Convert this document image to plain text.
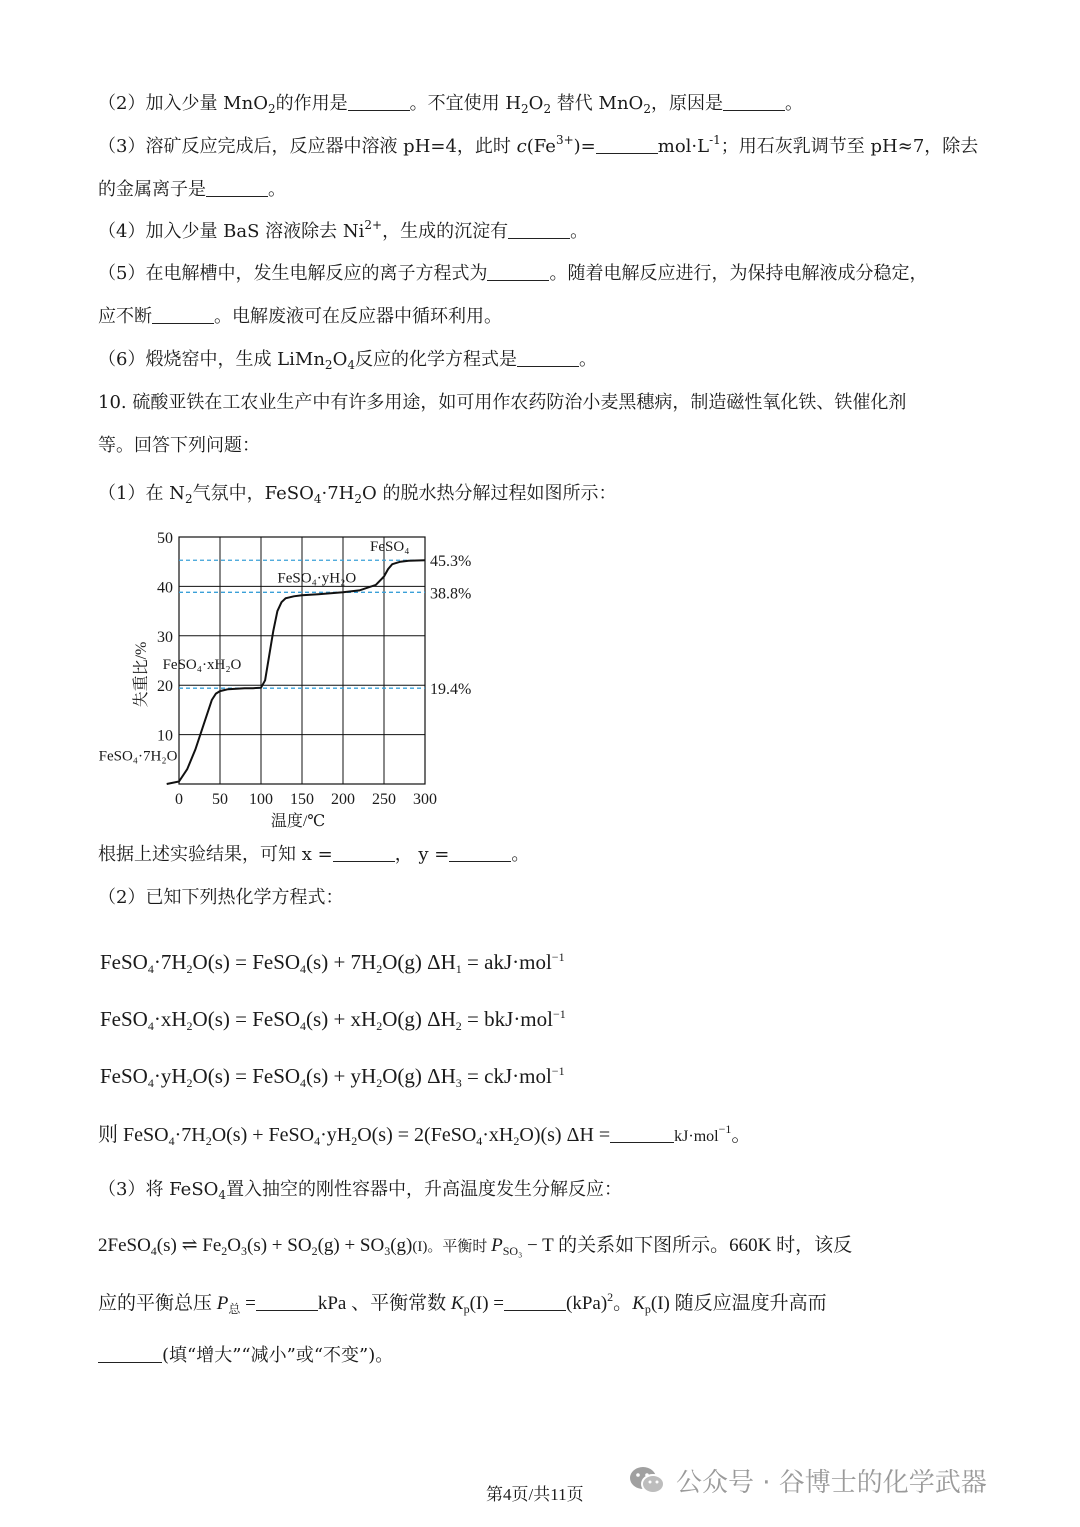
（2）加入少量 MnO$_2$的作用是	。不宜使用 $H_2O_2$ 替代 MnO$_2$，原因是	。
（3）溶矿反应完成后，反应器中溶液 pH=4，此时 $c(Fe^{3+})=$	$mol\cdot L^{-1}$；用石灰乳调节至 pH≈7，除去
的金属离子是	。
（4）加入少量 BaS 溶液除去 $Ni^{2+}$，生成的沉淀有	。
（5）在电解槽中，发生电解反应的离子方程式为	。随着电解反应进行，为保持电解液成分稳定，
应不断	。电解废液可在反应器中循环利用。
（6）煅烧窑中，生成 $LiMn_2O_4$反应的化学方程式是	。
10. 硫酸亚铁在工农业生产中有许多用途，如可用作农药防治小麦黑穗病，制造磁性氧化铁、铁催化剂
等。回答下列问题：
（1）在 $N_2$气氛中，$FeSO_4\cdot 7H_2O$ 的脱水热分解过程如图所示：
0 50 100 150 200 250 300
10
20
30
40
50
温度/℃
失重比/%
45.3%
38.8%
19.4%
FeSO₄
FeSO₄·yH₂O
FeSO₄·xH₂O
FeSO₄·7H₂O
根据上述实验结果，可知 x =	， y =	。
（2）已知下列热化学方程式：
$FeSO_4\cdot 7H_2O(s)$ = FeSO$_4$(s) + $7H_2O(g) \Delta H_1 = akJ\cdot mol^{-1}$
$FeSO_4\cdot xH_2O(s)$ = FeSO$_4$(s) + $xH_2O(g) \Delta H_2 = bkJ\cdot mol^{-1}$
$FeSO_4\cdot yH_2O(s)$ = FeSO$_4$(s) + $yH_2O(g) \Delta H_3 = ckJ\cdot mol^{-1}$
则 $FeSO_4\cdot 7H_2O(s)$ + $FeSO_4\cdot yH_2O(s)$ = $2(FeSO_4\cdot xH_2O)(s) \Delta H$ =	kJ·mol$^{-1}$。
（3）将 FeSO$_4$置入抽空的刚性容器中，升高温度发生分解反应：
2FeSO$_4$(s) ⇌ $Fe_2O_3(s) + SO_2(g) + SO_3(g)(I)$。平衡时 $P_{SO_3} - T$ 的关系如下图所示。660K 时，该反
应的平衡总压 $P_总$ =	kPa 、平衡常数 $K_p(I)$ =	(kPa)$^2$。$K_p(I)$ 随反应温度升高而
(填“增大”“减小”或“不变”)。
第4页/共11页	公众号 · 谷博士的化学武器
